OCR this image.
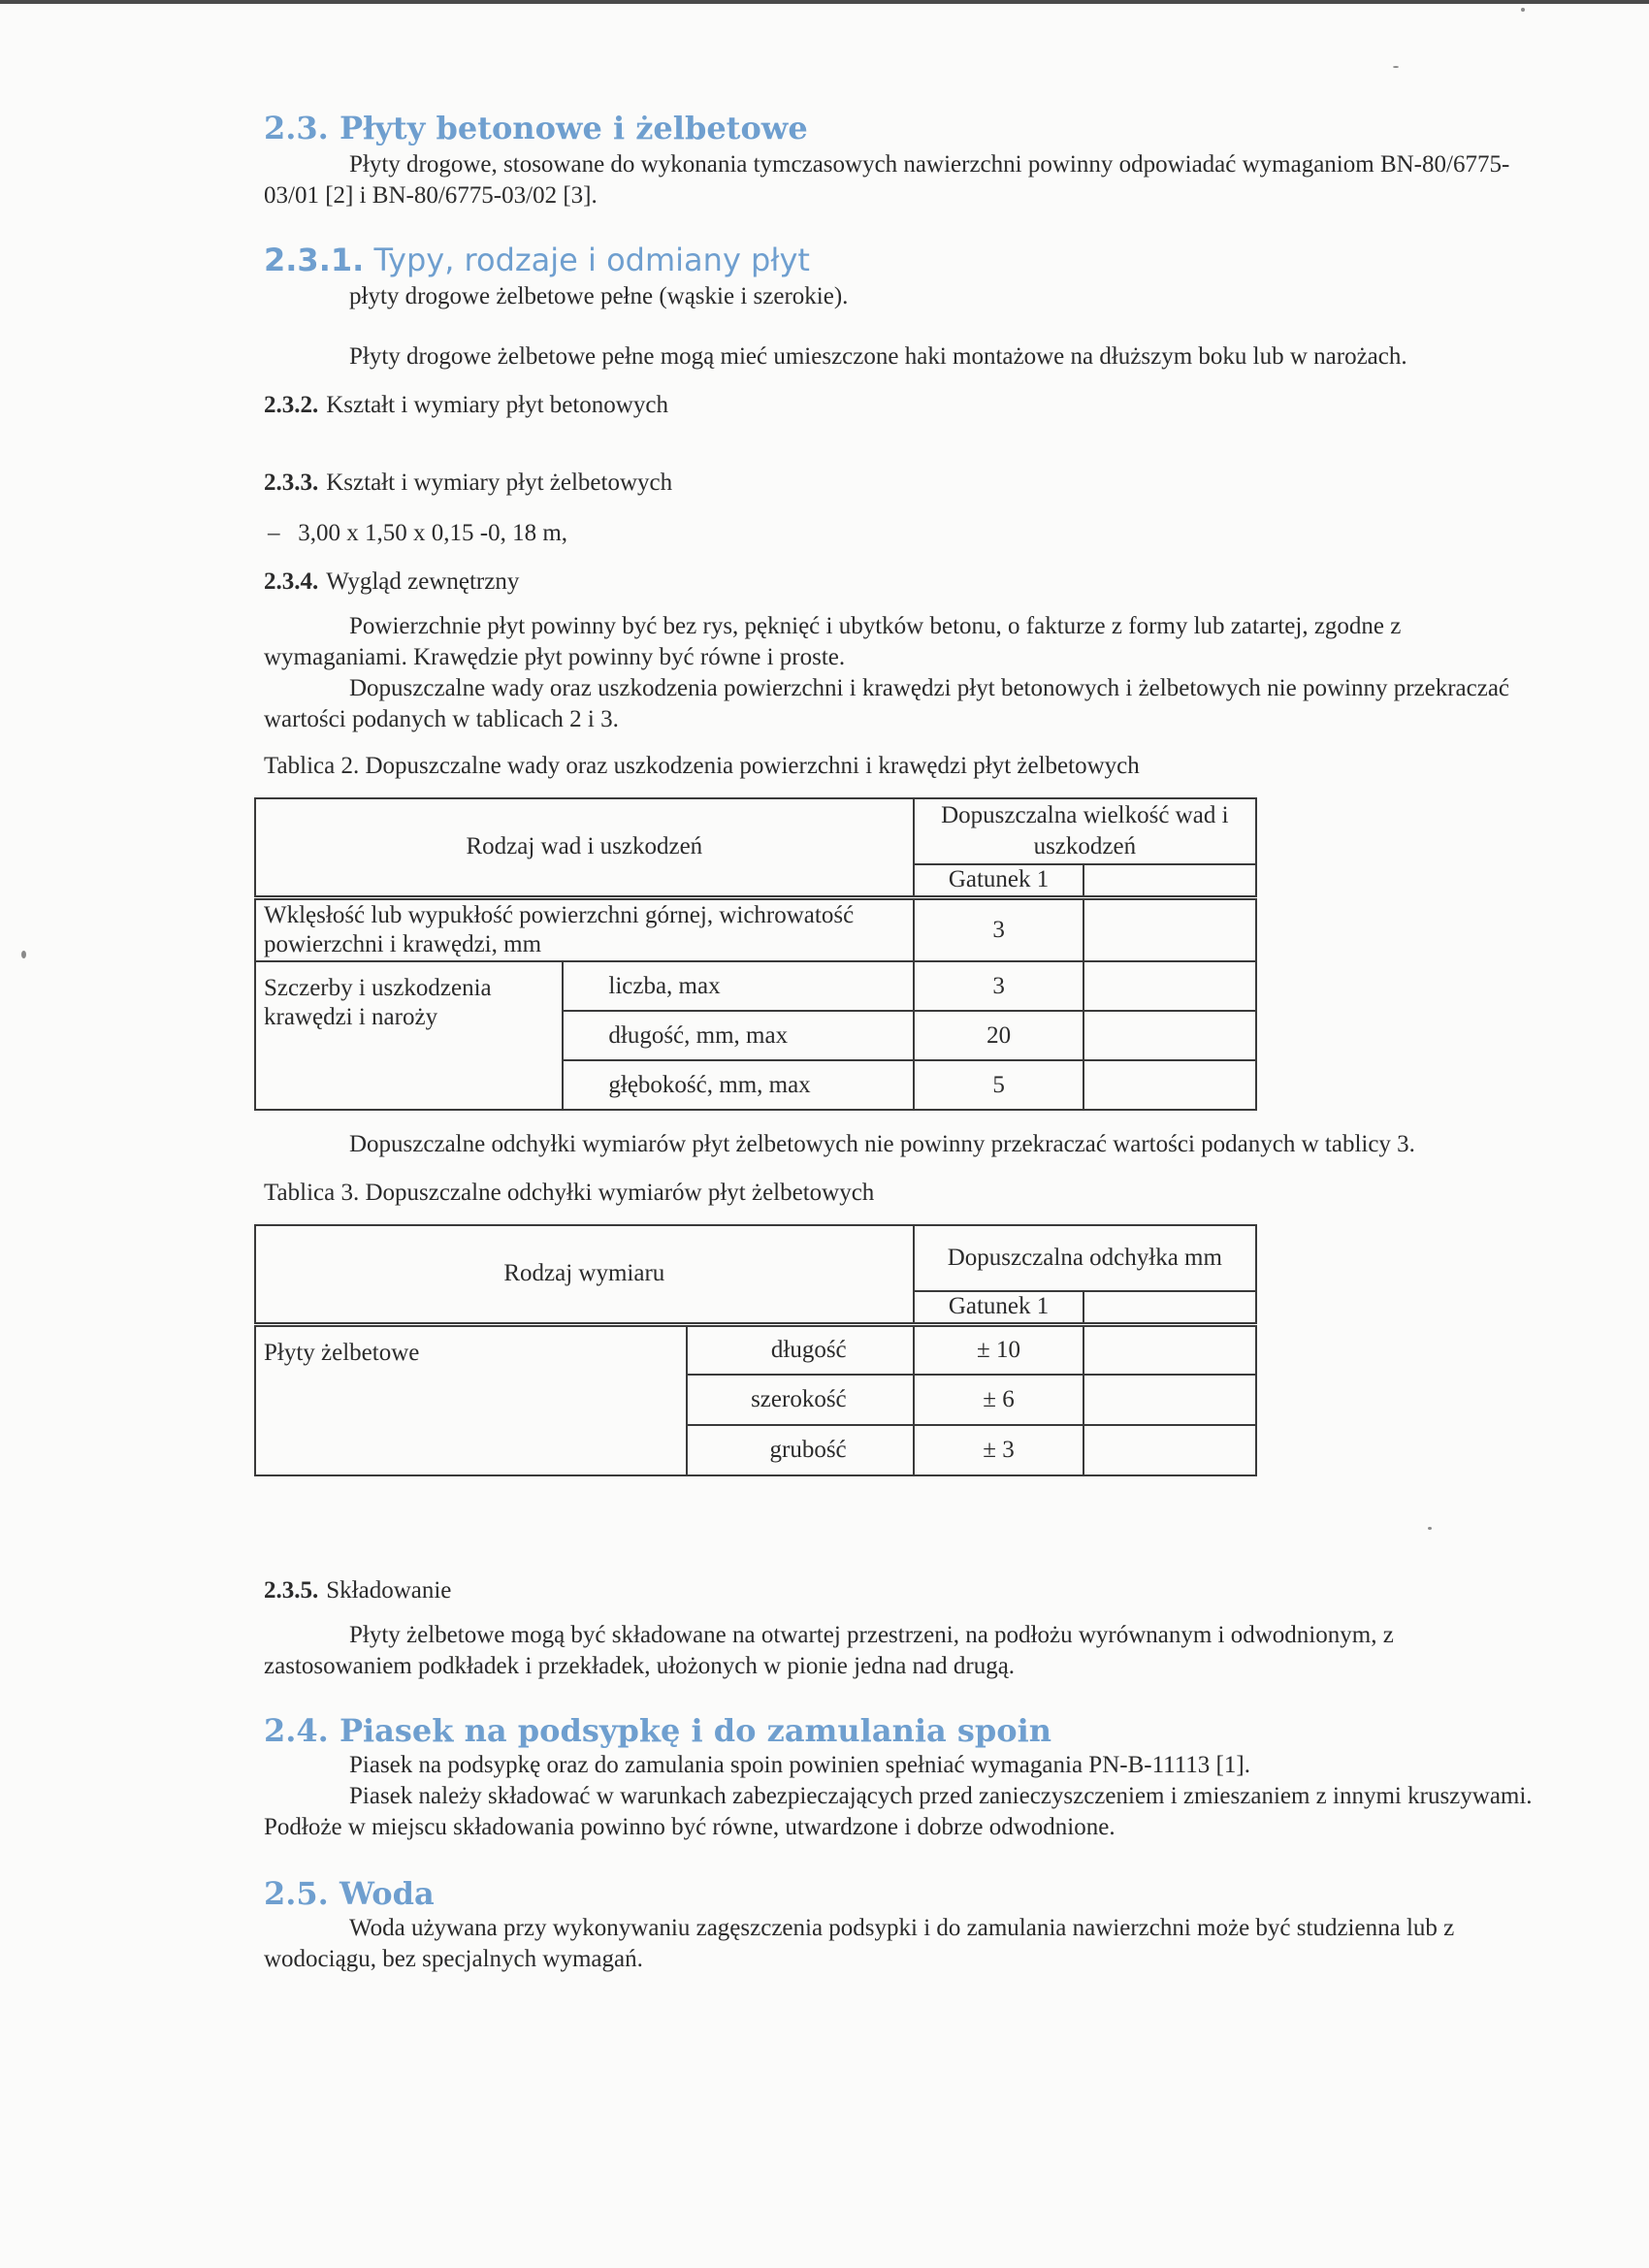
2.3. Płyty betonowe i żelbetowe
Płyty drogowe, stosowane do wykonania tymczasowych nawierzchni powinny odpowiadać wymaganiom BN-80/6775-03/01 [2] i BN-80/6775-03/02 [3].
2.3.1. Typy, rodzaje i odmiany płyt
płyty drogowe żelbetowe pełne (wąskie i szerokie).
Płyty drogowe żelbetowe pełne mogą mieć umieszczone haki montażowe na dłuższym boku lub w narożach.
2.3.2. Kształt i wymiary płyt betonowych
2.3.3. Kształt i wymiary płyt żelbetowych
–   3,00 x 1,50 x 0,15 -0, 18 m,
2.3.4. Wygląd zewnętrzny
Powierzchnie płyt powinny być bez rys, pęknięć i ubytków betonu, o fakturze z formy lub zatartej, zgodne z wymaganiami. Krawędzie płyt powinny być równe i proste.
Dopuszczalne wady oraz uszkodzenia powierzchni i krawędzi płyt betonowych i żelbetowych nie powinny przekraczać wartości podanych w tablicach 2 i 3.
Tablica 2. Dopuszczalne wady oraz uszkodzenia powierzchni i krawędzi płyt żelbetowych
Rodzaj wad i uszkodzeń		Dopuszczalna wielkość wad i uszkodzeń	
		Gatunek 1	
Wklęsłość lub wypukłość powierzchni górnej, wichrowatość powierzchni i krawędzi, mm		3	
Szczerby i uszkodzenia krawędzi i naroży	liczba, max	3	
	długość, mm, max	20	
	głębokość, mm, max	5	
Dopuszczalne odchyłki wymiarów płyt żelbetowych nie powinny przekraczać wartości podanych w tablicy 3.
Tablica 3. Dopuszczalne odchyłki wymiarów płyt żelbetowych
Rodzaj wymiaru		Dopuszczalna odchyłka mm	
		Gatunek 1	
Płyty żelbetowe	długość	± 10	
	szerokość	± 6	
	grubość	± 3	
2.3.5. Składowanie
Płyty żelbetowe mogą być składowane na otwartej przestrzeni, na podłożu wyrównanym i odwodnionym, z zastosowaniem podkładek i przekładek, ułożonych w pionie jedna nad drugą.
2.4. Piasek na podsypkę i do zamulania spoin
Piasek na podsypkę oraz do zamulania spoin powinien spełniać wymagania PN-B-11113 [1].
Piasek należy składować w warunkach zabezpieczających przed zanieczyszczeniem i zmieszaniem z innymi kruszywami. Podłoże w miejscu składowania powinno być równe, utwardzone i dobrze odwodnione.
2.5. Woda
Woda używana przy wykonywaniu zagęszczenia podsypki i do zamulania nawierzchni może być studzienna lub z wodociągu, bez specjalnych wymagań.
